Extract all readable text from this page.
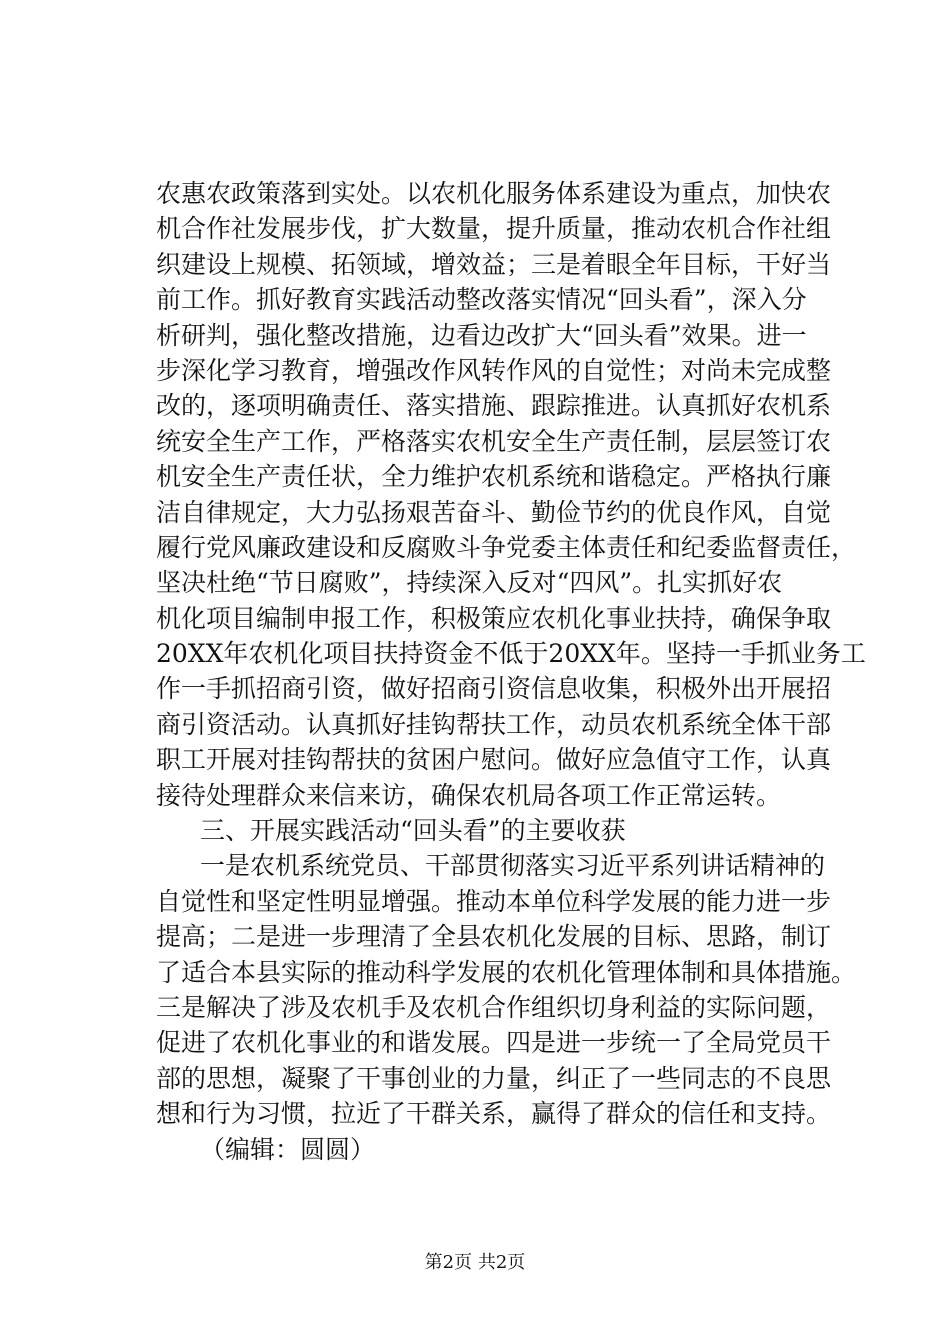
农惠农政策落到实处。以农机化服务体系建设为重点，加快农
机合作社发展步伐，扩大数量，提升质量，推动农机合作社组
织建设上规模、拓领域，增效益；三是着眼全年目标，干好当
前工作。抓好教育实践活动整改落实情况“回头看”，深入分
析研判，强化整改措施，边看边改扩大“回头看”效果。进一
步深化学习教育，增强改作风转作风的自觉性；对尚未完成整
改的，逐项明确责任、落实措施、跟踪推进。认真抓好农机系
统安全生产工作，严格落实农机安全生产责任制，层层签订农
机安全生产责任状，全力维护农机系统和谐稳定。严格执行廉
洁自律规定，大力弘扬艰苦奋斗、勤俭节约的优良作风，自觉
履行党风廉政建设和反腐败斗争党委主体责任和纪委监督责任，
坚决杜绝“节日腐败”，持续深入反对“四风”。扎实抓好农
机化项目编制申报工作，积极策应农机化事业扶持，确保争取
20XX年农机化项目扶持资金不低于20XX年。坚持一手抓业务工
作一手抓招商引资，做好招商引资信息收集，积极外出开展招
商引资活动。认真抓好挂钩帮扶工作，动员农机系统全体干部
职工开展对挂钩帮扶的贫困户慰问。做好应急值守工作，认真
接待处理群众来信来访，确保农机局各项工作正常运转。
三、开展实践活动“回头看”的主要收获
一是农机系统党员、干部贯彻落实习近平系列讲话精神的
自觉性和坚定性明显增强。推动本单位科学发展的能力进一步
提高；二是进一步理清了全县农机化发展的目标、思路，制订
了适合本县实际的推动科学发展的农机化管理体制和具体措施。
三是解决了涉及农机手及农机合作组织切身利益的实际问题，
促进了农机化事业的和谐发展。四是进一步统一了全局党员干
部的思想，凝聚了干事创业的力量，纠正了一些同志的不良思
想和行为习惯，拉近了干群关系，赢得了群众的信任和支持。
（编辑：圆圆）
第2页 共2页
